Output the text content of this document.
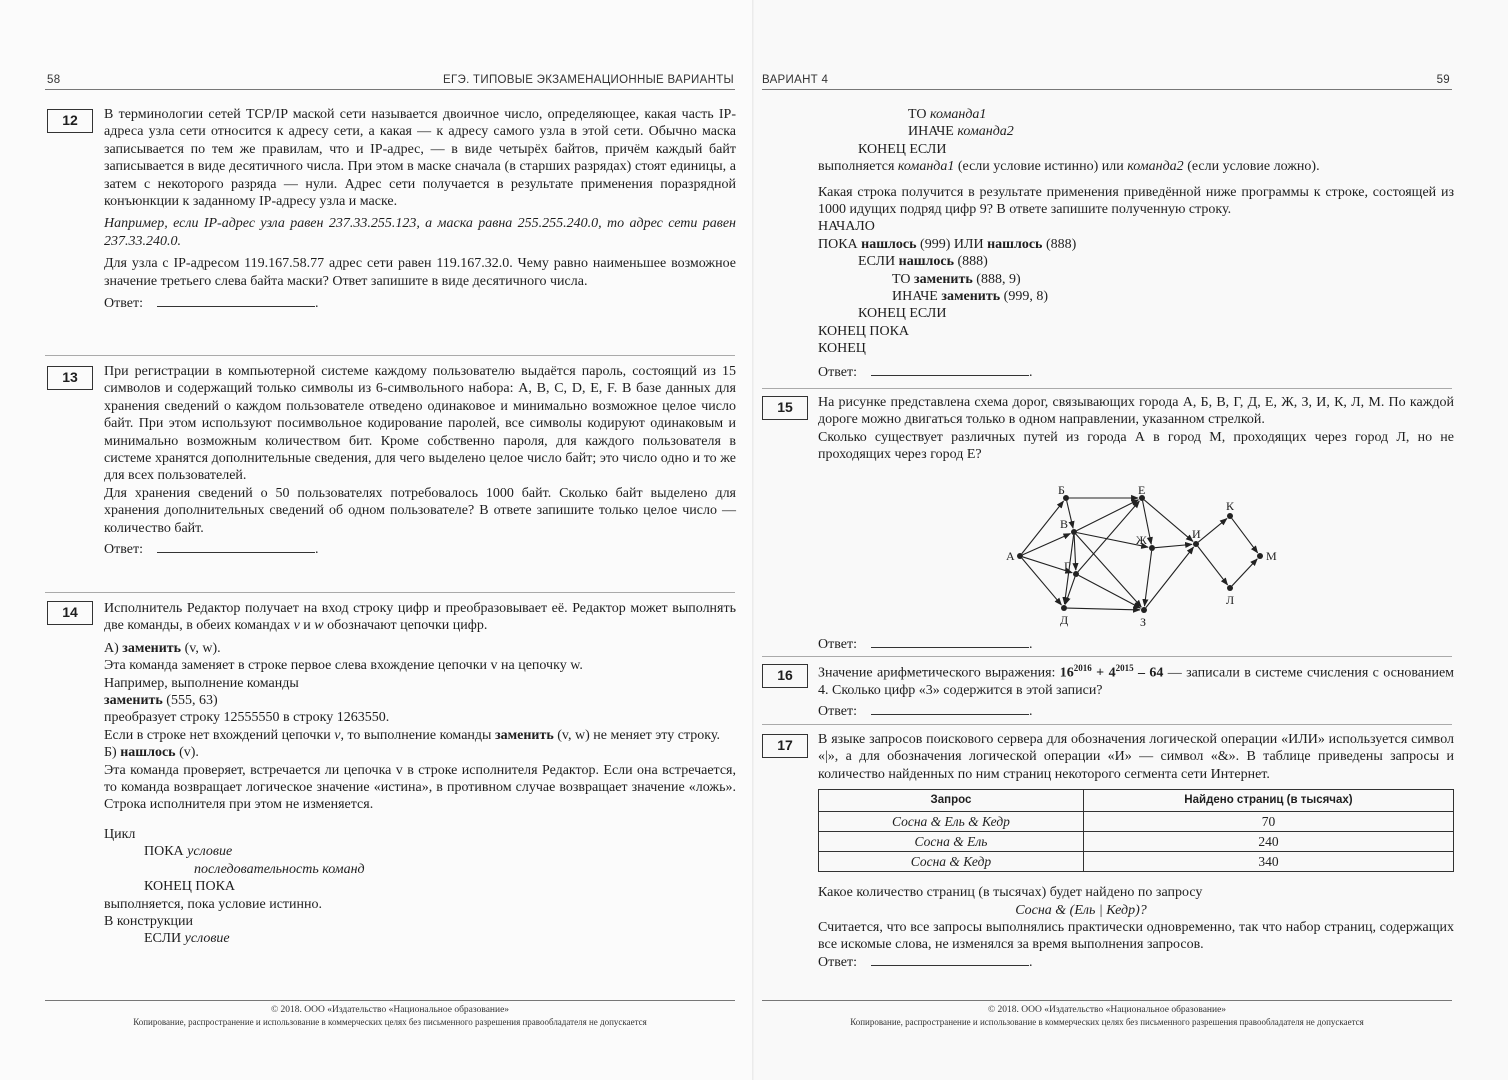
58	ЕГЭ. ТИПОВЫЕ ЭКЗАМЕНАЦИОННЫЕ ВАРИАНТЫ
12	В терминологии сетей TCP/IP маской сети называется двоичное число, определяющее, какая часть IP-адреса узла сети относится к адресу сети, а какая — к адресу самого узла в этой сети. Обычно маска записывается по тем же правилам, что и IP-адрес, — в виде четырёх байтов, причём каждый байт записывается в виде десятичного числа. При этом в маске сначала (в старших разрядах) стоят единицы, а затем с некоторого разряда — нули. Адрес сети получается в результате применения поразрядной конъюнкции к заданному IP-адресу узла и маске.

Например, если IP-адрес узла равен 237.33.255.123, а маска равна 255.255.240.0, то адрес сети равен 237.33.240.0.

Для узла с IP-адресом 119.167.58.77 адрес сети равен 119.167.32.0. Чему равно наименьшее возможное значение третьего слева байта маски? Ответ запишите в виде десятичного числа.

Ответ:	.
13	При регистрации в компьютерной системе каждому пользователю выдаётся пароль, состоящий из 15 символов и содержащий только символы из 6-символьного набора: A, B, C, D, E, F. В базе данных для хранения сведений о каждом пользователе отведено одинаковое и минимально возможное целое число байт. При этом используют посимвольное кодирование паролей, все символы кодируют одинаковым и минимально возможным количеством бит. Кроме собственно пароля, для каждого пользователя в системе хранятся дополнительные сведения, для чего выделено целое число байт; это число одно и то же для всех пользователей.

Для хранения сведений о 50 пользователях потребовалось 1000 байт. Сколько байт выделено для хранения дополнительных сведений об одном пользователе? В ответе запишите только целое число — количество байт.

Ответ:	.
14	Исполнитель Редактор получает на вход строку цифр и преобразовывает её. Редактор может выполнять две команды, в обеих командах v и w обозначают цепочки цифр.

А) заменить (v, w).

Эта команда заменяет в строке первое слева вхождение цепочки v на цепочку w.

Например, выполнение команды

заменить (555, 63)

преобразует строку 12555550 в строку 1263550.

Если в строке нет вхождений цепочки v, то выполнение команды заменить (v, w) не меняет эту строку.

Б) нашлось (v).

Эта команда проверяет, встречается ли цепочка v в строке исполнителя Редактор. Если она встречается, то команда возвращает логическое значение «истина», в противном случае возвращает значение «ложь». Строка исполнителя при этом не изменяется.

Цикл
ПОКА условие
последовательность команд
КОНЕЦ ПОКА
выполняется, пока условие истинно.
В конструкции
ЕСЛИ условие
© 2018. ООО «Издательство «Национальное образование»
Копирование, распространение и использование в коммерческих целях без письменного разрешения правообладателя не допускается
ВАРИАНТ 4	59
ТО команда1
ИНАЧЕ команда2
КОНЕЦ ЕСЛИ

выполняется команда1 (если условие истинно) или команда2 (если условие ложно).

Какая строка получится в результате применения приведённой ниже программы к строке, состоящей из 1000 идущих подряд цифр 9? В ответе запишите полученную строку.

НАЧАЛО
ПОКА нашлось (999) ИЛИ нашлось (888)
ЕСЛИ нашлось (888)
ТО заменить (888, 9)
ИНАЧЕ заменить (999, 8)
КОНЕЦ ЕСЛИ
КОНЕЦ ПОКА
КОНЕЦ
Ответ:	.
15	На рисунке представлена схема дорог, связывающих города А, Б, В, Г, Д, Е, Ж, З, И, К, Л, М. По каждой дороге можно двигаться только в одном направлении, указанном стрелкой.

Сколько существует различных путей из города А в город М, проходящих через город Л, но не проходящих через город Е?

А
Б
В
Г
Д
Е
Ж
З
И
К
Л
М
Ответ:	.
16	Значение арифметического выражения: $16^{2016} + 4^{2015} - 64$ — записали в системе счисления с основанием 4. Сколько цифр «3» содержится в этой записи?

Ответ:	.
17	В языке запросов поискового сервера для обозначения логической операции «ИЛИ» используется символ «|», а для обозначения логической операции «И» — символ «&». В таблице приведены запросы и количество найденных по ним страниц некоторого сегмента сети Интернет.

Запрос	Найдено страниц (в тысячах)
Сосна & Ель & Кедр	70
Сосна & Ель	240
Сосна & Кедр	340

Какое количество страниц (в тысячах) будет найдено по запросу

Сосна & (Ель | Кедр)?

Считается, что все запросы выполнялись практически одновременно, так что набор страниц, содержащих все искомые слова, не изменялся за время выполнения запросов.

Ответ:	.
© 2018. ООО «Издательство «Национальное образование»
Копирование, распространение и использование в коммерческих целях без письменного разрешения правообладателя не допускается
